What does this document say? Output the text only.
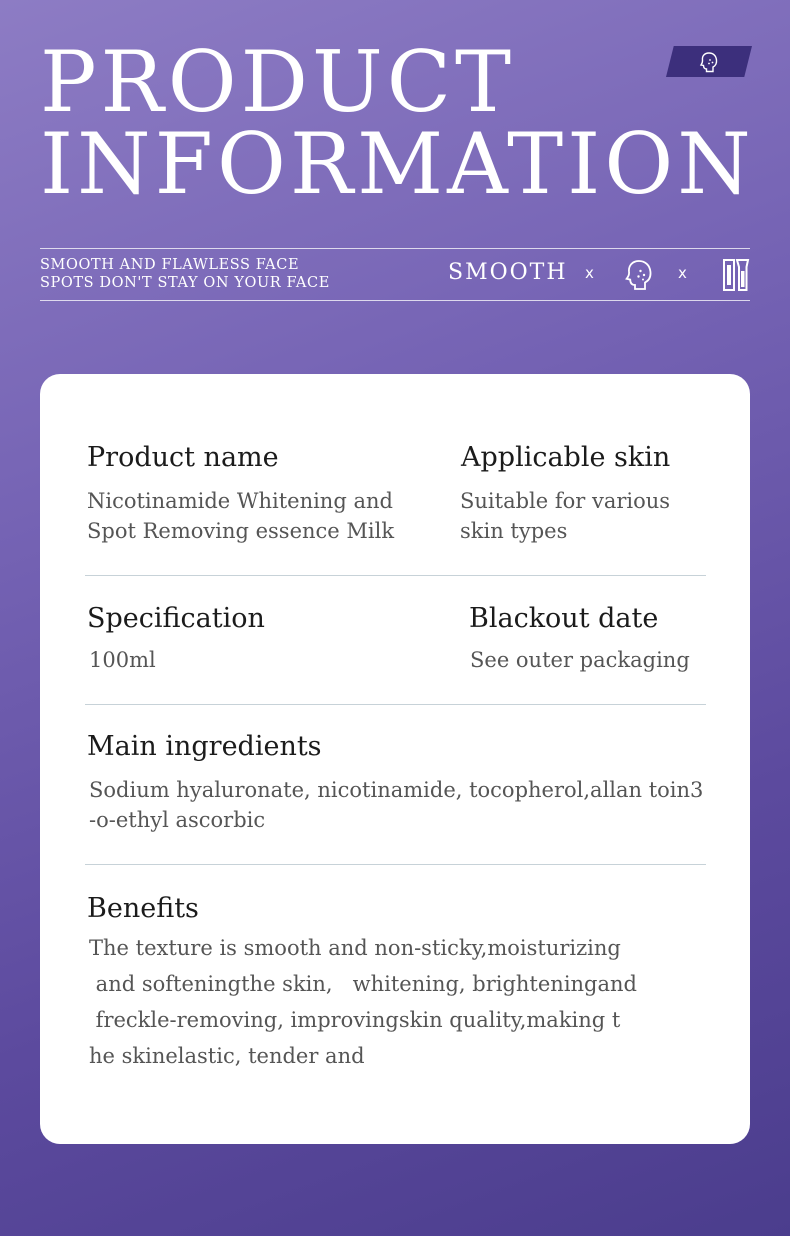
PRODUCT
INFORMATION
SMOOTH AND FLAWLESS FACE
SPOTS DON'T STAY ON YOUR FACE	SMOOTH x	x
Product name

Nicotinamide Whitening and Spot Removing essence Milk

Applicable skin

Suitable for various skin types

Specification

100ml

Blackout date

See outer packaging

Main ingredients

Sodium hyaluronate, nicotinamide, tocopherol,allan toin3-o-ethyl ascorbic

Benefits
The texture is smooth and non-sticky,moisturizing
and softeningthe skin,   whitening, brighteningand
freckle-removing, improvingskin quality,making t
he skinelastic, tender and
